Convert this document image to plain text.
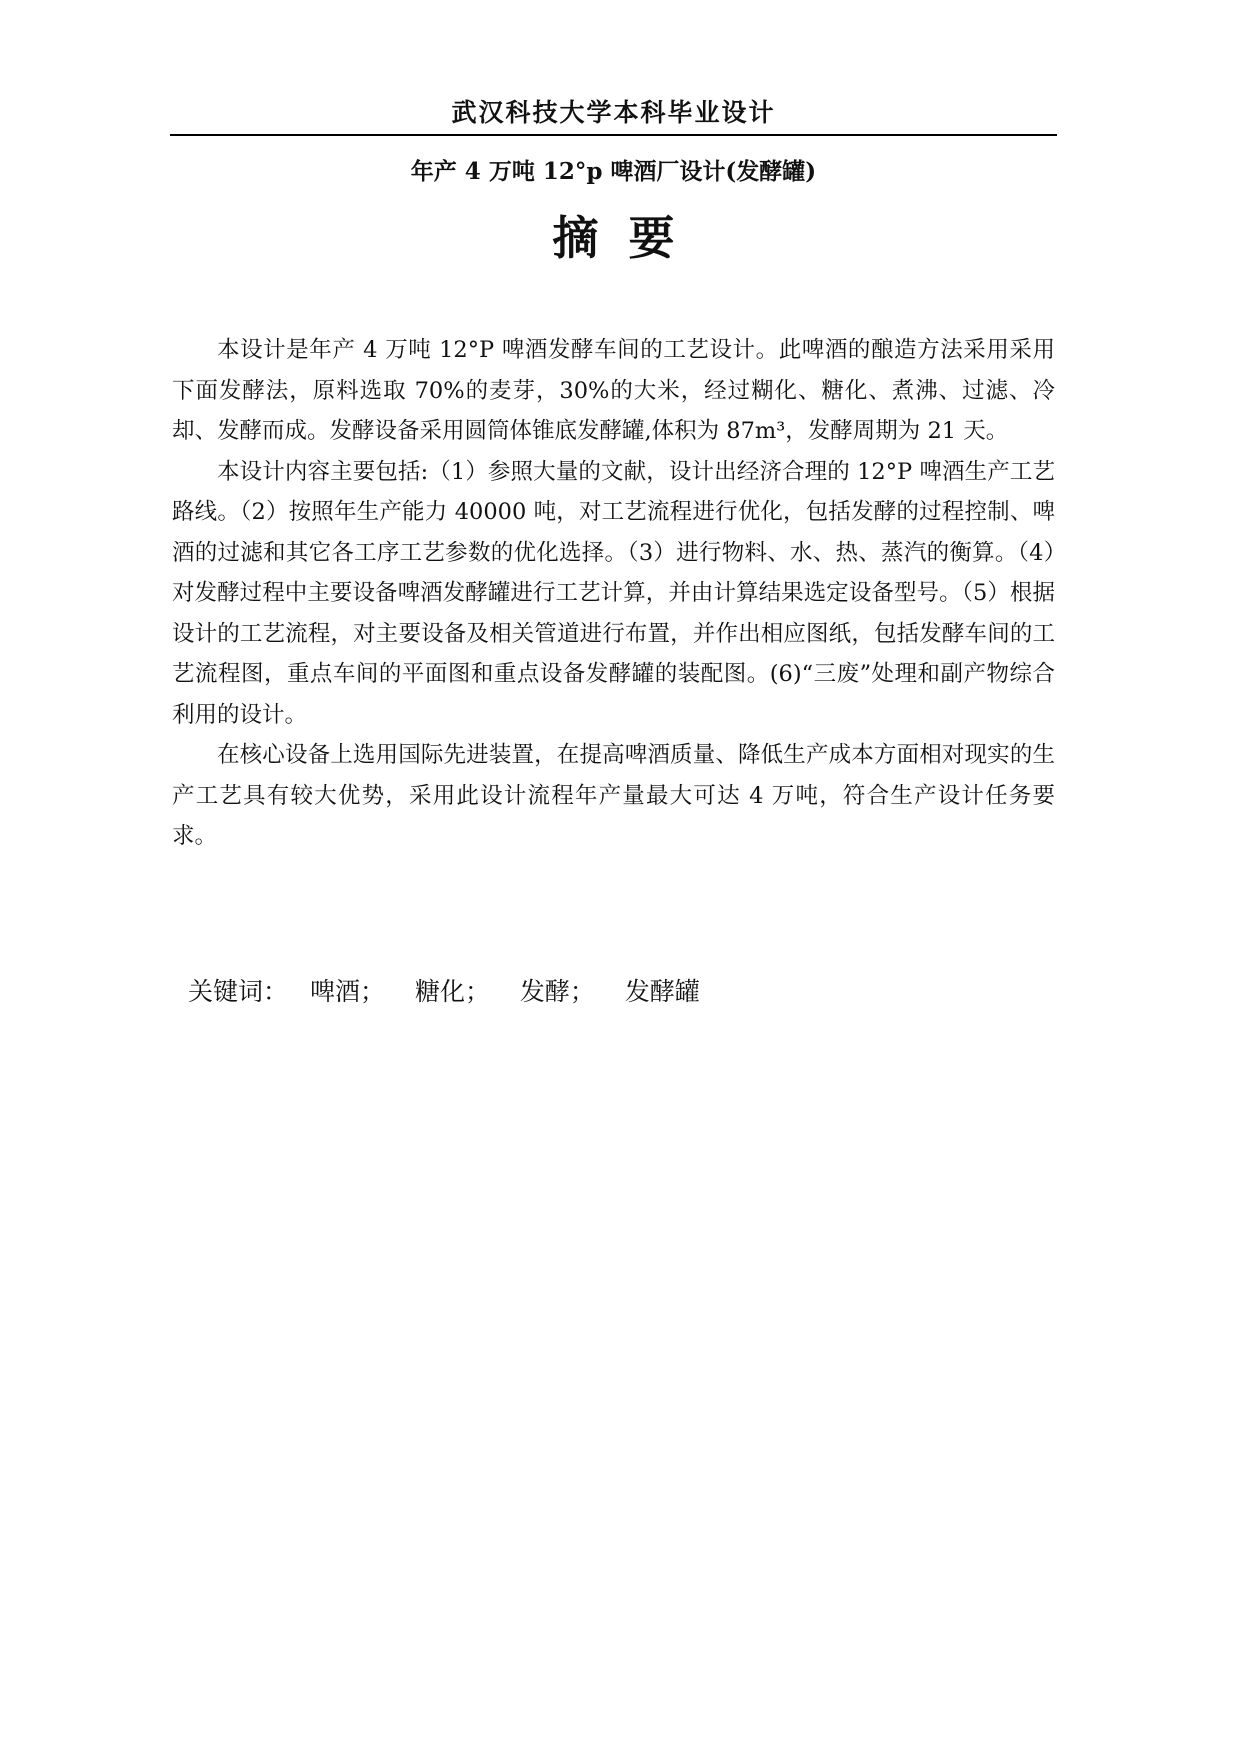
武汉科技大学本科毕业设计
年产 4 万吨 12°p 啤酒厂设计(发酵罐)
摘要

本设计是年产 4 万吨 12°P 啤酒发酵车间的工艺设计。此啤酒的酿造方法采用采用下面发酵法，原料选取 70%的麦芽，30%的大米，经过糊化、糖化、煮沸、过滤、冷却、发酵而成。发酵设备采用圆筒体锥底发酵罐,体积为 87m³，发酵周期为 21 天。

本设计内容主要包括:（1）参照大量的文献，设计出经济合理的 12°P 啤酒生产工艺路线。（2）按照年生产能力 40000 吨，对工艺流程进行优化，包括发酵的过程控制、啤酒的过滤和其它各工序工艺参数的优化选择。（3）进行物料、水、热、蒸汽的衡算。（4）对发酵过程中主要设备啤酒发酵罐进行工艺计算，并由计算结果选定设备型号。（5）根据设计的工艺流程，对主要设备及相关管道进行布置，并作出相应图纸，包括发酵车间的工艺流程图，重点车间的平面图和重点设备发酵罐的装配图。(6)“三废”处理和副产物综合利用的设计。

在核心设备上选用国际先进装置，在提高啤酒质量、降低生产成本方面相对现实的生产工艺具有较大优势，采用此设计流程年产量最大可达 4 万吨，符合生产设计任务要求。

关键词： 啤酒； 糖化； 发酵； 发酵罐
